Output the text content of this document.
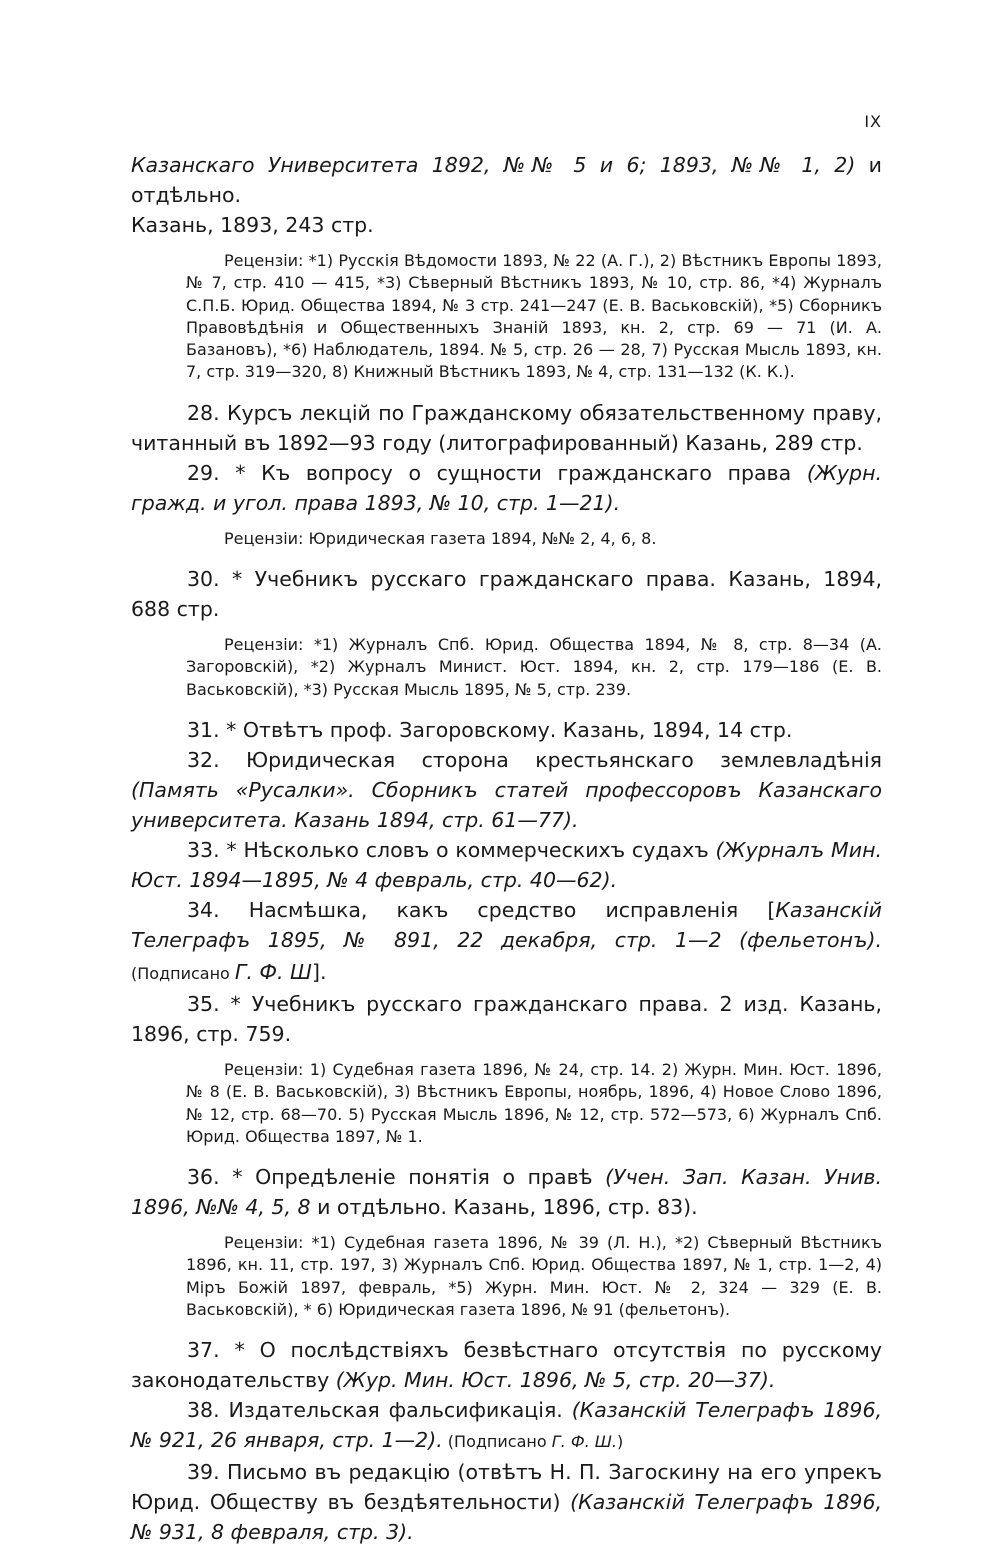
IX

Казанскаго Университета 1892, №№ 5 и 6; 1893, №№ 1, 2) и отдѣльно.
Казань, 1893, 243 стр.

Рецензiи: *1) Русскiя Вѣдомости 1893, № 22 (А. Г.), 2) Вѣстникъ Европы 1893, № 7, стр. 410 — 415, *3) Сѣверный Вѣстникъ 1893, № 10, стр. 86, *4) Журналъ С.П.Б. Юрид. Общества 1894, № 3 стр. 241—247 (Е. В. Васьковскiй), *5) Сборникъ Правовѣдѣнiя и Общественныхъ Знанiй 1893, кн. 2, стр. 69 — 71 (И. А. Базановъ), *6) Наблюдатель, 1894. № 5, стр. 26 — 28, 7) Русская Мысль 1893, кн. 7, стр. 319—320, 8) Книжный Вѣстникъ 1893, № 4, стр. 131—132 (К. К.).

28. Курсъ лекцiй по Гражданскому обязательственному праву, читанный въ 1892—93 году (литографированный) Казань, 289 стр.

29. * Къ вопросу о сущности гражданскаго права (Журн. гражд. и угол. права 1893, № 10, стр. 1—21).

Рецензiи: Юридическая газета 1894, №№ 2, 4, 6, 8.

30. * Учебникъ русскаго гражданскаго права. Казань, 1894, 688 стр.

Рецензiи: *1) Журналъ Спб. Юрид. Общества 1894, № 8, стр. 8—34 (А. Загоровскiй), *2) Журналъ Минист. Юст. 1894, кн. 2, стр. 179—186 (Е. В. Васьковскiй), *3) Русская Мысль 1895, № 5, стр. 239.

31. * Отвѣтъ проф. Загоровскому. Казань, 1894, 14 стр.

32. Юридическая сторона крестьянскаго землевладѣнiя (Память «Русалки». Сборникъ статей профессоровъ Казанскаго университета. Казань 1894, стр. 61—77).

33. * Нѣсколько словъ о коммерческихъ судахъ (Журналъ Мин. Юст. 1894—1895, № 4 февраль, стр. 40—62).

34. Насмѣшка, какъ средство исправленiя [Казанскiй Телеграфъ 1895, № 891, 22 декабря, стр. 1—2 (фельетонъ). (Подписано Г. Ф. Ш].

35. * Учебникъ русскаго гражданскаго права. 2 изд. Казань, 1896, стр. 759.

Рецензiи: 1) Судебная газета 1896, № 24, стр. 14. 2) Журн. Мин. Юст. 1896, № 8 (Е. В. Васьковскiй), 3) Вѣстникъ Европы, ноябрь, 1896, 4) Новое Слово 1896, № 12, стр. 68—70. 5) Русская Мысль 1896, № 12, стр. 572—573, 6) Журналъ Спб. Юрид. Общества 1897, № 1.

36. * Опредѣленiе понятiя о правѣ (Учен. Зап. Казан. Унив. 1896, №№ 4, 5, 8 и отдѣльно. Казань, 1896, стр. 83).

Рецензiи: *1) Судебная газета 1896, № 39 (Л. Н.), *2) Сѣверный Вѣстникъ 1896, кн. 11, стр. 197, 3) Журналъ Спб. Юрид. Общества 1897, № 1, стр. 1—2, 4) Мiръ Божiй 1897, февраль, *5) Журн. Мин. Юст. № 2, 324 — 329 (Е. В. Васьковскiй), * 6) Юридическая газета 1896, № 91 (фельетонъ).

37. * О послѣдствiяхъ безвѣстнаго отсутствiя по русскому законодательству (Жур. Мин. Юст. 1896, № 5, стр. 20—37).

38. Издательская фальсификацiя. (Казанскiй Телеграфъ 1896, № 921, 26 января, стр. 1—2). (Подписано Г. Ф. Ш.)

39. Письмо въ редакцiю (отвѣтъ Н. П. Загоскину на его упрекъ Юрид. Обществу въ бездѣятельности) (Казанскiй Телеграфъ 1896, № 931, 8 февраля, стр. 3).
